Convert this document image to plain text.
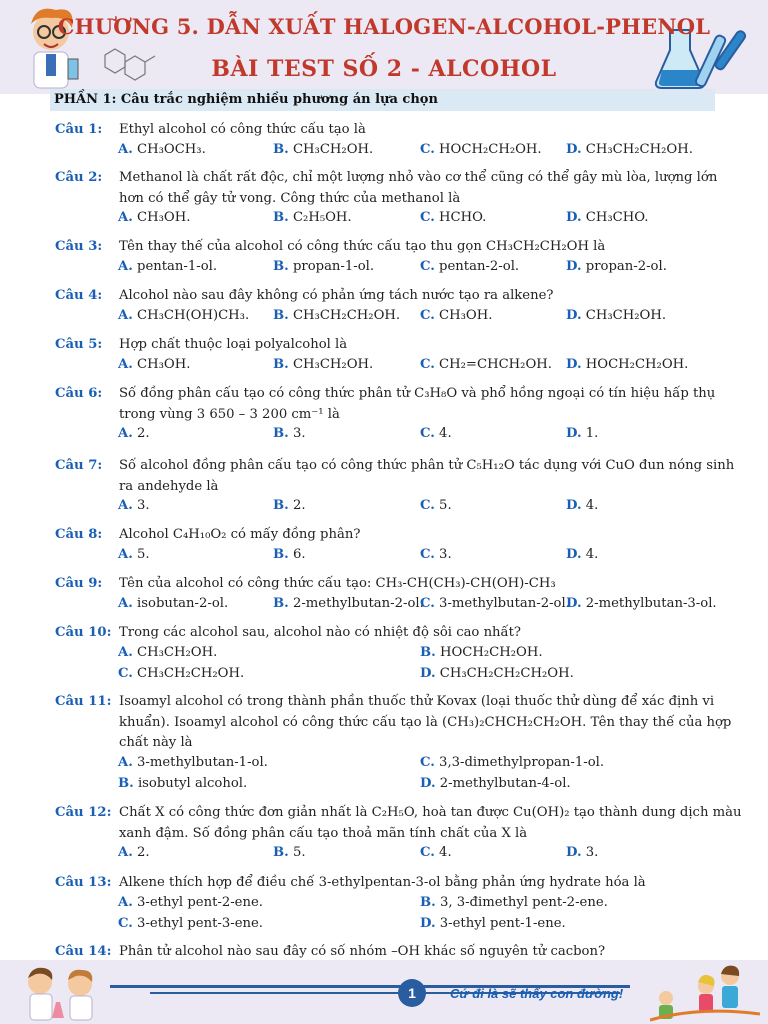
CHƯƠNG 5. DẪN XUẤT HALOGEN-ALCOHOL-PHENOL
BÀI TEST SỐ 2 - ALCOHOL
PHẦN 1: Câu trắc nghiệm nhiều phương án lựa chọn
Câu 1: Ethyl alcohol có công thức cấu tạo là
A. CH₃OCH₃.	B. CH₃CH₂OH.	C. HOCH₂CH₂OH. D. CH₃CH₂CH₂OH.
Câu 2: Methanol là chất rất độc, chỉ một lượng nhỏ vào cơ thể cũng có thể gây mù lòa, lượng lớn
hơn có thể gây tử vong. Công thức của methanol là
A. CH₃OH.	B. C₂H₅OH.	C. HCHO.	D. CH₃CHO.
Câu 3: Tên thay thế của alcohol có công thức cấu tạo thu gọn CH₃CH₂CH₂OH là
A. pentan-1-ol.	B. propan-1-ol.	C. pentan-2-ol.	D. propan-2-ol.
Câu 4: Alcohol nào sau đây không có phản ứng tách nước tạo ra alkene?
A. CH₃CH(OH)CH₃. B. CH₃CH₂CH₂OH. C. CH₃OH.	D. CH₃CH₂OH.
Câu 5: Hợp chất thuộc loại polyalcohol là
A. CH₃OH.	B. CH₃CH₂OH.	C. CH₂=CHCH₂OH. D. HOCH₂CH₂OH.
Câu 6: Số đồng phân cấu tạo có công thức phân tử C₃H₈O và phổ hồng ngoại có tín hiệu hấp thụ
trong vùng 3 650 – 3 200 cm⁻¹ là
A. 2.	B. 3.	C. 4.	D. 1.
Câu 7: Số alcohol đồng phân cấu tạo có công thức phân tử C₅H₁₂O tác dụng với CuO đun nóng sinh
ra andehyde là
A. 3.	B. 2.	C. 5.	D. 4.
Câu 8: Alcohol C₄H₁₀O₂ có mấy đồng phân?
A. 5.	B. 6.	C. 3.	D. 4.
Câu 9: Tên của alcohol có công thức cấu tạo: CH₃-CH(CH₃)-CH(OH)-CH₃
A. isobutan-2-ol.	B. 2-methylbutan-2-ol.
C. 3-methylbutan-2-ol.
D. 2-methylbutan-3-ol.
Câu 10: Trong các alcohol sau, alcohol nào có nhiệt độ sôi cao nhất?
A. CH₃CH₂OH.	B. HOCH₂CH₂OH.
C. CH₃CH₂CH₂OH.	D. CH₃CH₂CH₂CH₂OH.
Câu 11: Isoamyl alcohol có trong thành phần thuốc thử Kovax (loại thuốc thử dùng để xác định vi
khuẩn). Isoamyl alcohol có công thức cấu tạo là (CH₃)₂CHCH₂CH₂OH. Tên thay thế của hợp
chất này là
A. 3-methylbutan-1-ol.	C. 3,3-dimethylpropan-1-ol.
B. isobutyl alcohol.	D. 2-methylbutan-4-ol.
Câu 12: Chất X có công thức đơn giản nhất là C₂H₅O, hoà tan được Cu(OH)₂ tạo thành dung dịch màu
xanh đậm. Số đồng phân cấu tạo thoả mãn tính chất của X là
A. 2.	B. 5.	C. 4.	D. 3.
Câu 13: Alkene thích hợp để điều chế 3-ethylpentan-3-ol bằng phản ứng hydrate hóa là
A. 3-ethyl pent-2-ene.	B. 3, 3-đimethyl pent-2-ene.
C. 3-ethyl pent-3-ene.	D. 3-ethyl pent-1-ene.
Câu 14: Phân tử alcohol nào sau đây có số nhóm –OH khác số nguyên tử cacbon?
1	Cứ đi là sẽ thấy con đường!
